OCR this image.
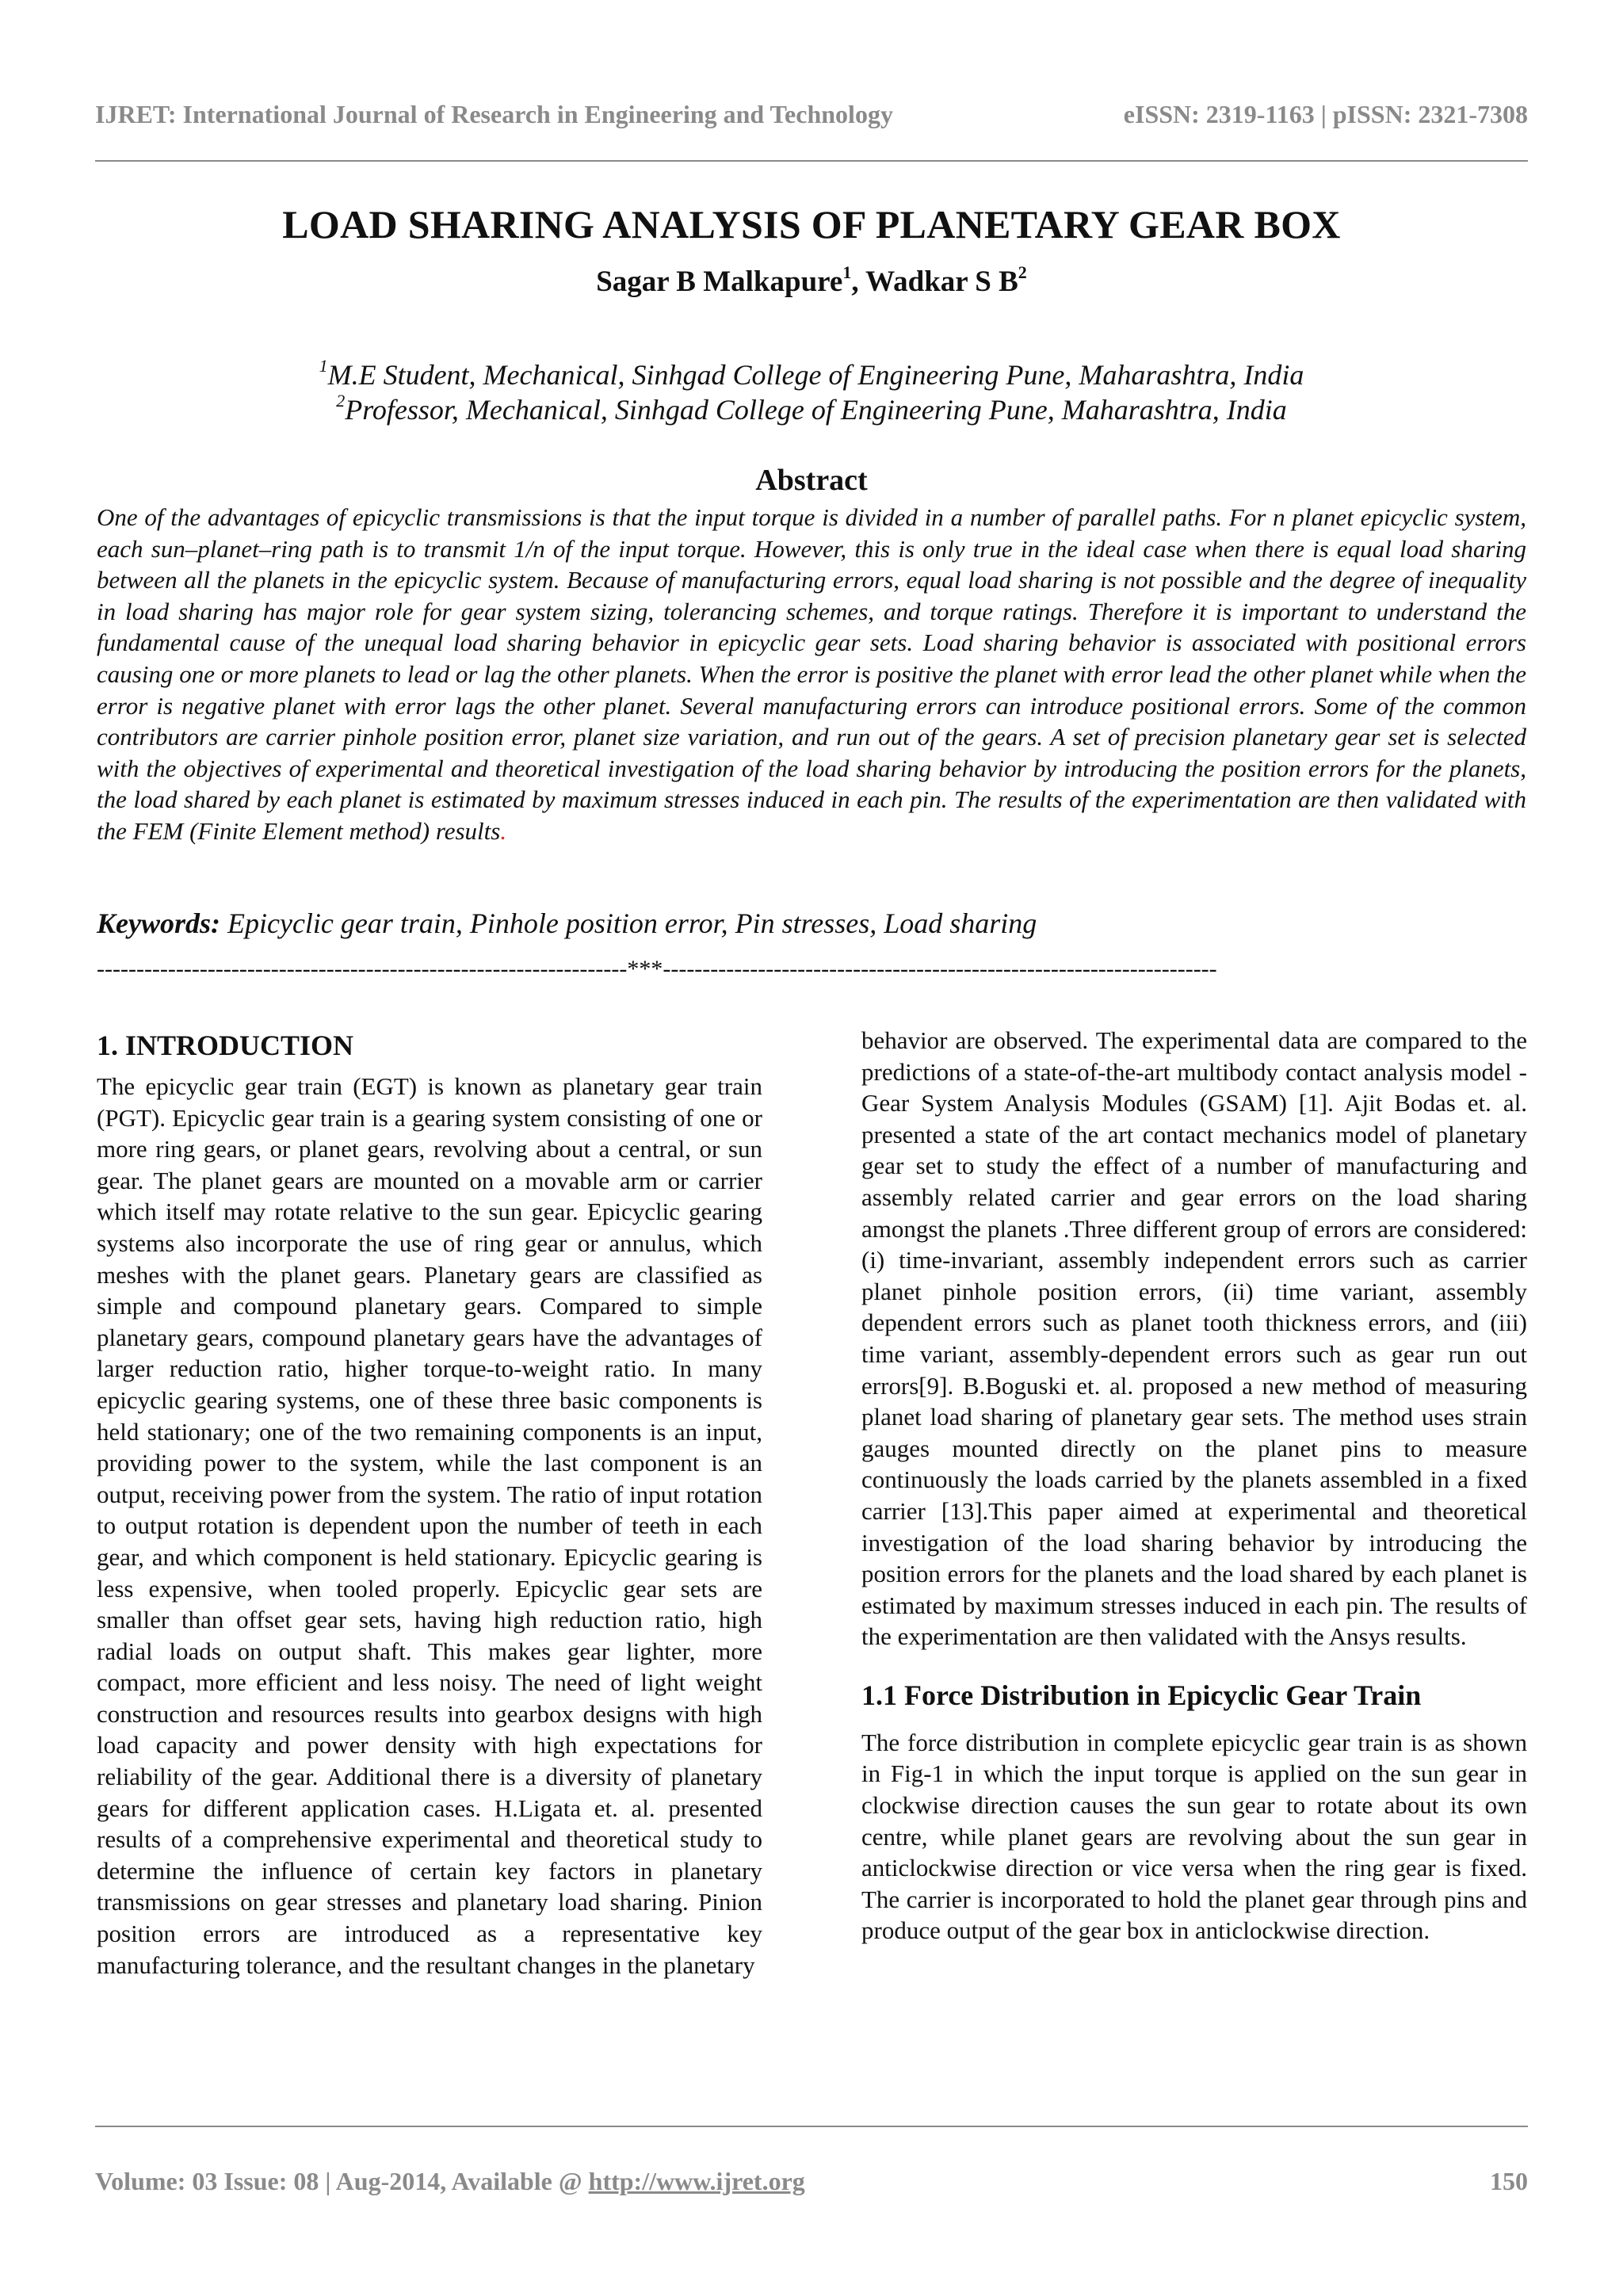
IJRET: International Journal of Research in Engineering and Technology	eISSN: 2319-1163 | pISSN: 2321-7308
LOAD SHARING ANALYSIS OF PLANETARY GEAR BOX
Sagar B Malkapure$^1$, Wadkar S $B^2$
$^1$M.E Student, Mechanical, Sinhgad College of Engineering Pune, Maharashtra, India
$^2$Professor, Mechanical, Sinhgad College of Engineering Pune, Maharashtra, India
Abstract
One of the advantages of epicyclic transmissions is that the input torque is divided in a number of parallel paths. For n planet epicyclic system, each sun–planet–ring path is to transmit 1/n of the input torque. However, this is only true in the ideal case when there is equal load sharing between all the planets in the epicyclic system. Because of manufacturing errors, equal load sharing is not possible and the degree of inequality in load sharing has major role for gear system sizing, tolerancing schemes, and torque ratings. Therefore it is important to understand the fundamental cause of the unequal load sharing behavior in epicyclic gear sets. Load sharing behavior is associated with positional errors causing one or more planets to lead or lag the other planets. When the error is positive the planet with error lead the other planet while when the error is negative planet with error lags the other planet. Several manufacturing errors can introduce positional errors. Some of the common contributors are carrier pinhole position error, planet size variation, and run out of the gears. A set of precision planetary gear set is selected with the objectives of experimental and theoretical investigation of the load sharing behavior by introducing the position errors for the planets, the load shared by each planet is estimated by maximum stresses induced in each pin. The results of the experimentation are then validated with the FEM (Finite Element method) results.
Keywords: Epicyclic gear train, Pinhole position error, Pin stresses, Load sharing
-------------------------------------------------------------------***----------------------------------------------------------------------
1. INTRODUCTION

The epicyclic gear train (EGT) is known as planetary gear train (PGT). Epicyclic gear train is a gearing system consisting of one or more ring gears, or planet gears, revolving about a central, or sun gear. The planet gears are mounted on a movable arm or carrier which itself may rotate relative to the sun gear. Epicyclic gearing systems also incorporate the use of ring gear or annulus, which meshes with the planet gears. Planetary gears are classified as simple and compound planetary gears. Compared to simple planetary gears, compound planetary gears have the advantages of larger reduction ratio, higher torque-to-weight ratio. In many epicyclic gearing systems, one of these three basic components is held stationary; one of the two remaining components is an input, providing power to the system, while the last component is an output, receiving power from the system. The ratio of input rotation to output rotation is dependent upon the number of teeth in each gear, and which component is held stationary. Epicyclic gearing is less expensive, when tooled properly. Epicyclic gear sets are smaller than offset gear sets, having high reduction ratio, high radial loads on output shaft. This makes gear lighter, more compact, more efficient and less noisy. The need of light weight construction and resources results into gearbox designs with high load capacity and power density with high expectations for reliability of the gear. Additional there is a diversity of planetary gears for different application cases. H.Ligata et. al. presented results of a comprehensive experimental and theoretical study to determine the influence of certain key factors in planetary transmissions on gear stresses and planetary load sharing. Pinion position errors are introduced as a representative key manufacturing tolerance, and the resultant changes in the planetary

behavior are observed. The experimental data are compared to the predictions of a state-of-the-art multibody contact analysis model - Gear System Analysis Modules (GSAM) [1]. Ajit Bodas et. al. presented a state of the art contact mechanics model of planetary gear set to study the effect of a number of manufacturing and assembly related carrier and gear errors on the load sharing amongst the planets .Three different group of errors are considered: (i) time-invariant, assembly independent errors such as carrier planet pinhole position errors, (ii) time variant, assembly dependent errors such as planet tooth thickness errors, and (iii) time variant, assembly-dependent errors such as gear run out errors[9]. B.Boguski et. al. proposed a new method of measuring planet load sharing of planetary gear sets. The method uses strain gauges mounted directly on the planet pins to measure continuously the loads carried by the planets assembled in a fixed carrier [13].This paper aimed at experimental and theoretical investigation of the load sharing behavior by introducing the position errors for the planets and the load shared by each planet is estimated by maximum stresses induced in each pin. The results of the experimentation are then validated with the Ansys results.

1.1 Force Distribution in Epicyclic Gear Train

The force distribution in complete epicyclic gear train is as shown in Fig-1 in which the input torque is applied on the sun gear in clockwise direction causes the sun gear to rotate about its own centre, while planet gears are revolving about the sun gear in anticlockwise direction or vice versa when the ring gear is fixed. The carrier is incorporated to hold the planet gear through pins and produce output of the gear box in anticlockwise direction.

Volume: 03 Issue: 08 | Aug-2014, Available @ http://www.ijret.org	150
